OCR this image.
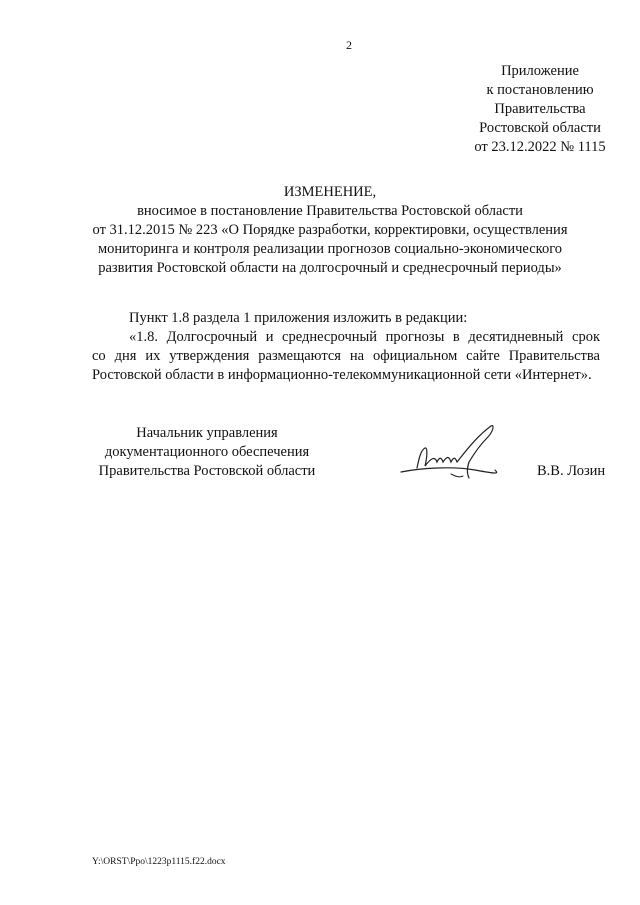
2
Приложение
к постановлению
Правительства
Ростовской области
от 23.12.2022 № 1115
ИЗМЕНЕНИЕ,
вносимое в постановление Правительства Ростовской области
от 31.12.2015 № 223 «О Порядке разработки, корректировки, осуществления
мониторинга и контроля реализации прогнозов социально-экономического
развития Ростовской области на долгосрочный и среднесрочный периоды»
Пункт 1.8 раздела 1 приложения изложить в редакции:
«1.8. Долгосрочный и среднесрочный прогнозы в десятидневный срок
со дня их утверждения размещаются на официальном сайте Правительства
Ростовской области в информационно-телекоммуникационной сети «Интернет».
Начальник управления
документационного обеспечения
Правительства Ростовской области	В.В. Лозин
Y:\ORST\Ppo\1223p1115.f22.docx
